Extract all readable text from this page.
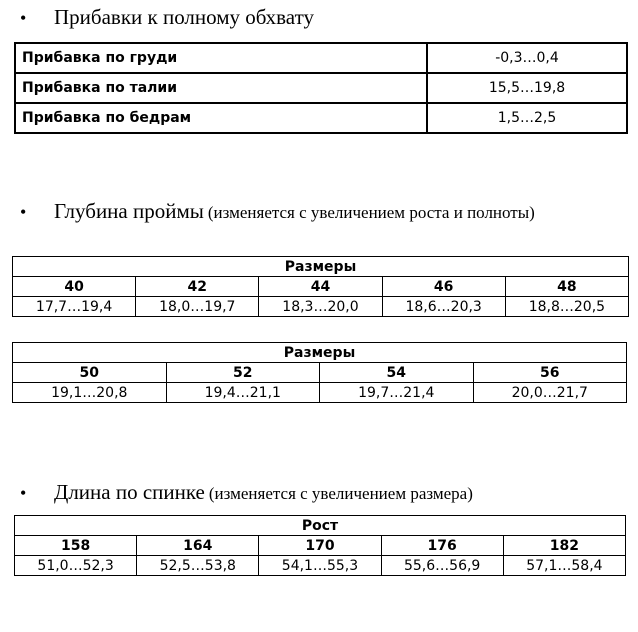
• Прибавки к полному обхвату
Прибавка по груди	-0,3…0,4
Прибавка по талии	15,5…19,8
Прибавка по бедрам	1,5…2,5
• Глубина проймы (изменяется с увеличением роста и полноты)
Размеры				
40	42	44	46	48
17,7…19,4	18,0…19,7	18,3…20,0	18,6…20,3	18,8…20,5
Размеры			
50	52	54	56
19,1…20,8	19,4…21,1	19,7…21,4	20,0…21,7
• Длина по спинке (изменяется с увеличением размера)
Рост				
158	164	170	176	182
51,0…52,3	52,5…53,8	54,1…55,3	55,6…56,9	57,1…58,4
